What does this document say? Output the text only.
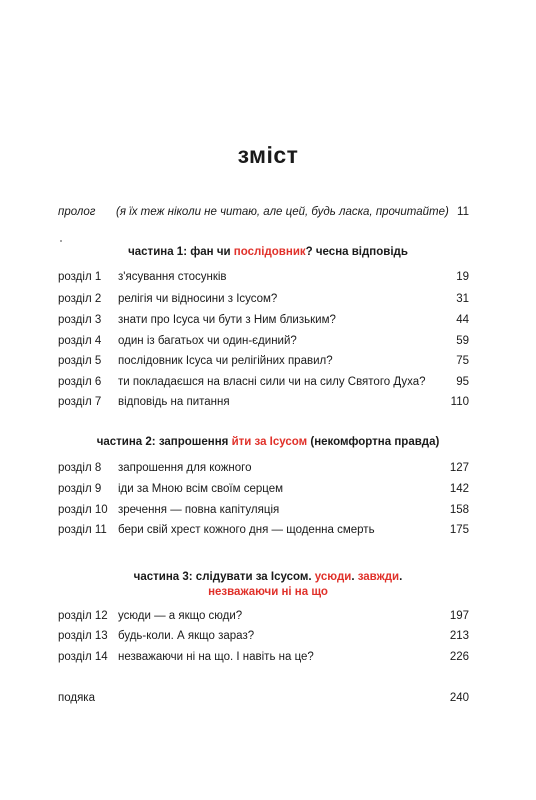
зміст
пролог (я їх теж ніколи не читаю, але цей, будь ласка, прочитайте) 11
частина 1: фан чи послідовник? чесна відповідь
розділ 1 з'ясування стосунків	19
розділ 2 релігія чи відносини з Ісусом?	31
розділ 3 знати про Ісуса чи бути з Ним близьким?	44
розділ 4 один із багатьох чи один-єдиний?	59
розділ 5 послідовник Ісуса чи релігійних правил?	75
розділ 6 ти покладаєшся на власні сили чи на силу Святого Духа?	95
розділ 7 відповідь на питання	110
частина 2: запрошення йти за Ісусом (некомфортна правда)
розділ 8 запрошення для кожного	127
розділ 9 іди за Мною всім своїм серцем	142
розділ 10 зречення — повна капітуляція	158
розділ 11 бери свій хрест кожного дня — щоденна смерть	175
частина 3: слідувати за Ісусом. усюди. завжди.
незважаючи ні на що
розділ 12 усюди — а якщо сюди?	197
розділ 13 будь-коли. А якщо зараз?	213
розділ 14 незважаючи ні на що. І навіть на це?	226
подяка	240
